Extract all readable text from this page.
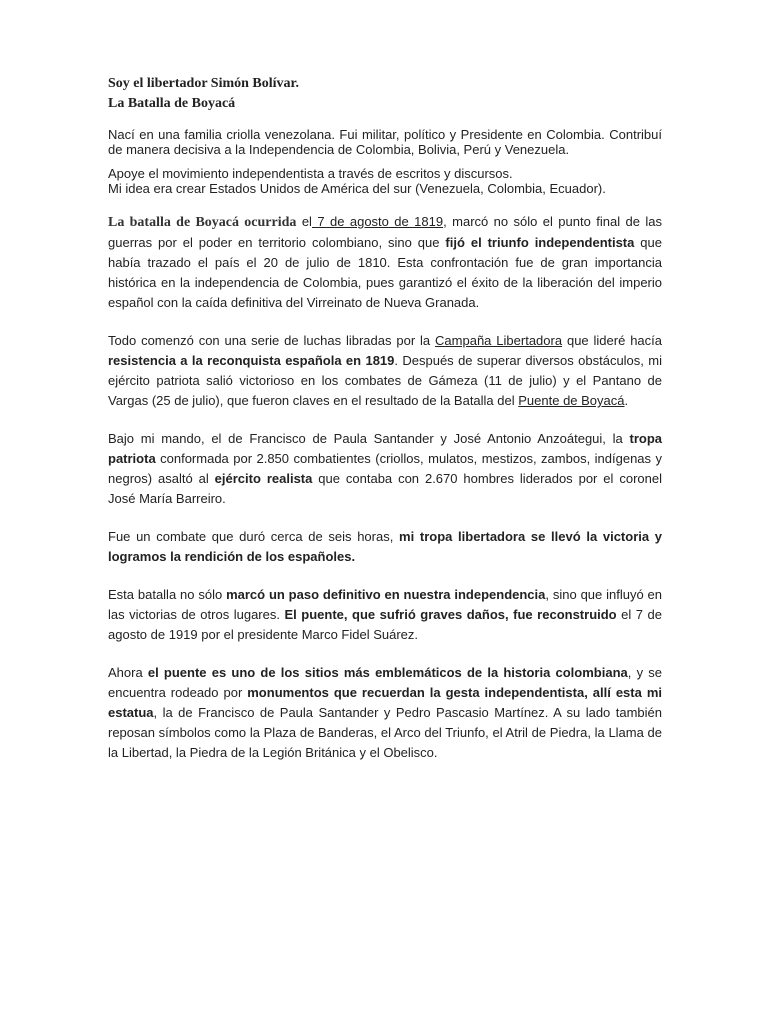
Soy el libertador Simón Bolívar.

La Batalla de Boyacá

Nací en una familia criolla venezolana. Fui militar, político y Presidente en Colombia. Contribuí de manera decisiva a la Independencia de Colombia, Bolivia, Perú y Venezuela.

Apoye el movimiento independentista a través de escritos y discursos.
Mi idea era crear Estados Unidos de América del sur (Venezuela, Colombia, Ecuador).

La batalla de Boyacá ocurrida el 7 de agosto de 1819, marcó no sólo el punto final de las guerras por el poder en territorio colombiano, sino que fijó el triunfo independentista que había trazado el país el 20 de julio de 1810. Esta confrontación fue de gran importancia histórica en la independencia de Colombia, pues garantizó el éxito de la liberación del imperio español con la caída definitiva del Virreinato de Nueva Granada.

Todo comenzó con una serie de luchas libradas por la Campaña Libertadora que lideré hacía resistencia a la reconquista española en 1819. Después de superar diversos obstáculos, mi ejército patriota salió victorioso en los combates de Gámeza (11 de julio) y el Pantano de Vargas (25 de julio), que fueron claves en el resultado de la Batalla del Puente de Boyacá.

Bajo mi mando, el de Francisco de Paula Santander y José Antonio Anzoátegui, la tropa patriota conformada por 2.850 combatientes (criollos, mulatos, mestizos, zambos, indígenas y negros) asaltó al ejército realista que contaba con 2.670 hombres liderados por el coronel José María Barreiro.

Fue un combate que duró cerca de seis horas, mi tropa libertadora se llevó la victoria y logramos la rendición de los españoles.

Esta batalla no sólo marcó un paso definitivo en nuestra independencia, sino que influyó en las victorias de otros lugares. El puente, que sufrió graves daños, fue reconstruido el 7 de agosto de 1919 por el presidente Marco Fidel Suárez.

Ahora el puente es uno de los sitios más emblemáticos de la historia colombiana, y se encuentra rodeado por monumentos que recuerdan la gesta independentista, allí esta mi estatua, la de Francisco de Paula Santander y Pedro Pascasio Martínez. A su lado también reposan símbolos como la Plaza de Banderas, el Arco del Triunfo, el Atril de Piedra, la Llama de la Libertad, la Piedra de la Legión Británica y el Obelisco.
